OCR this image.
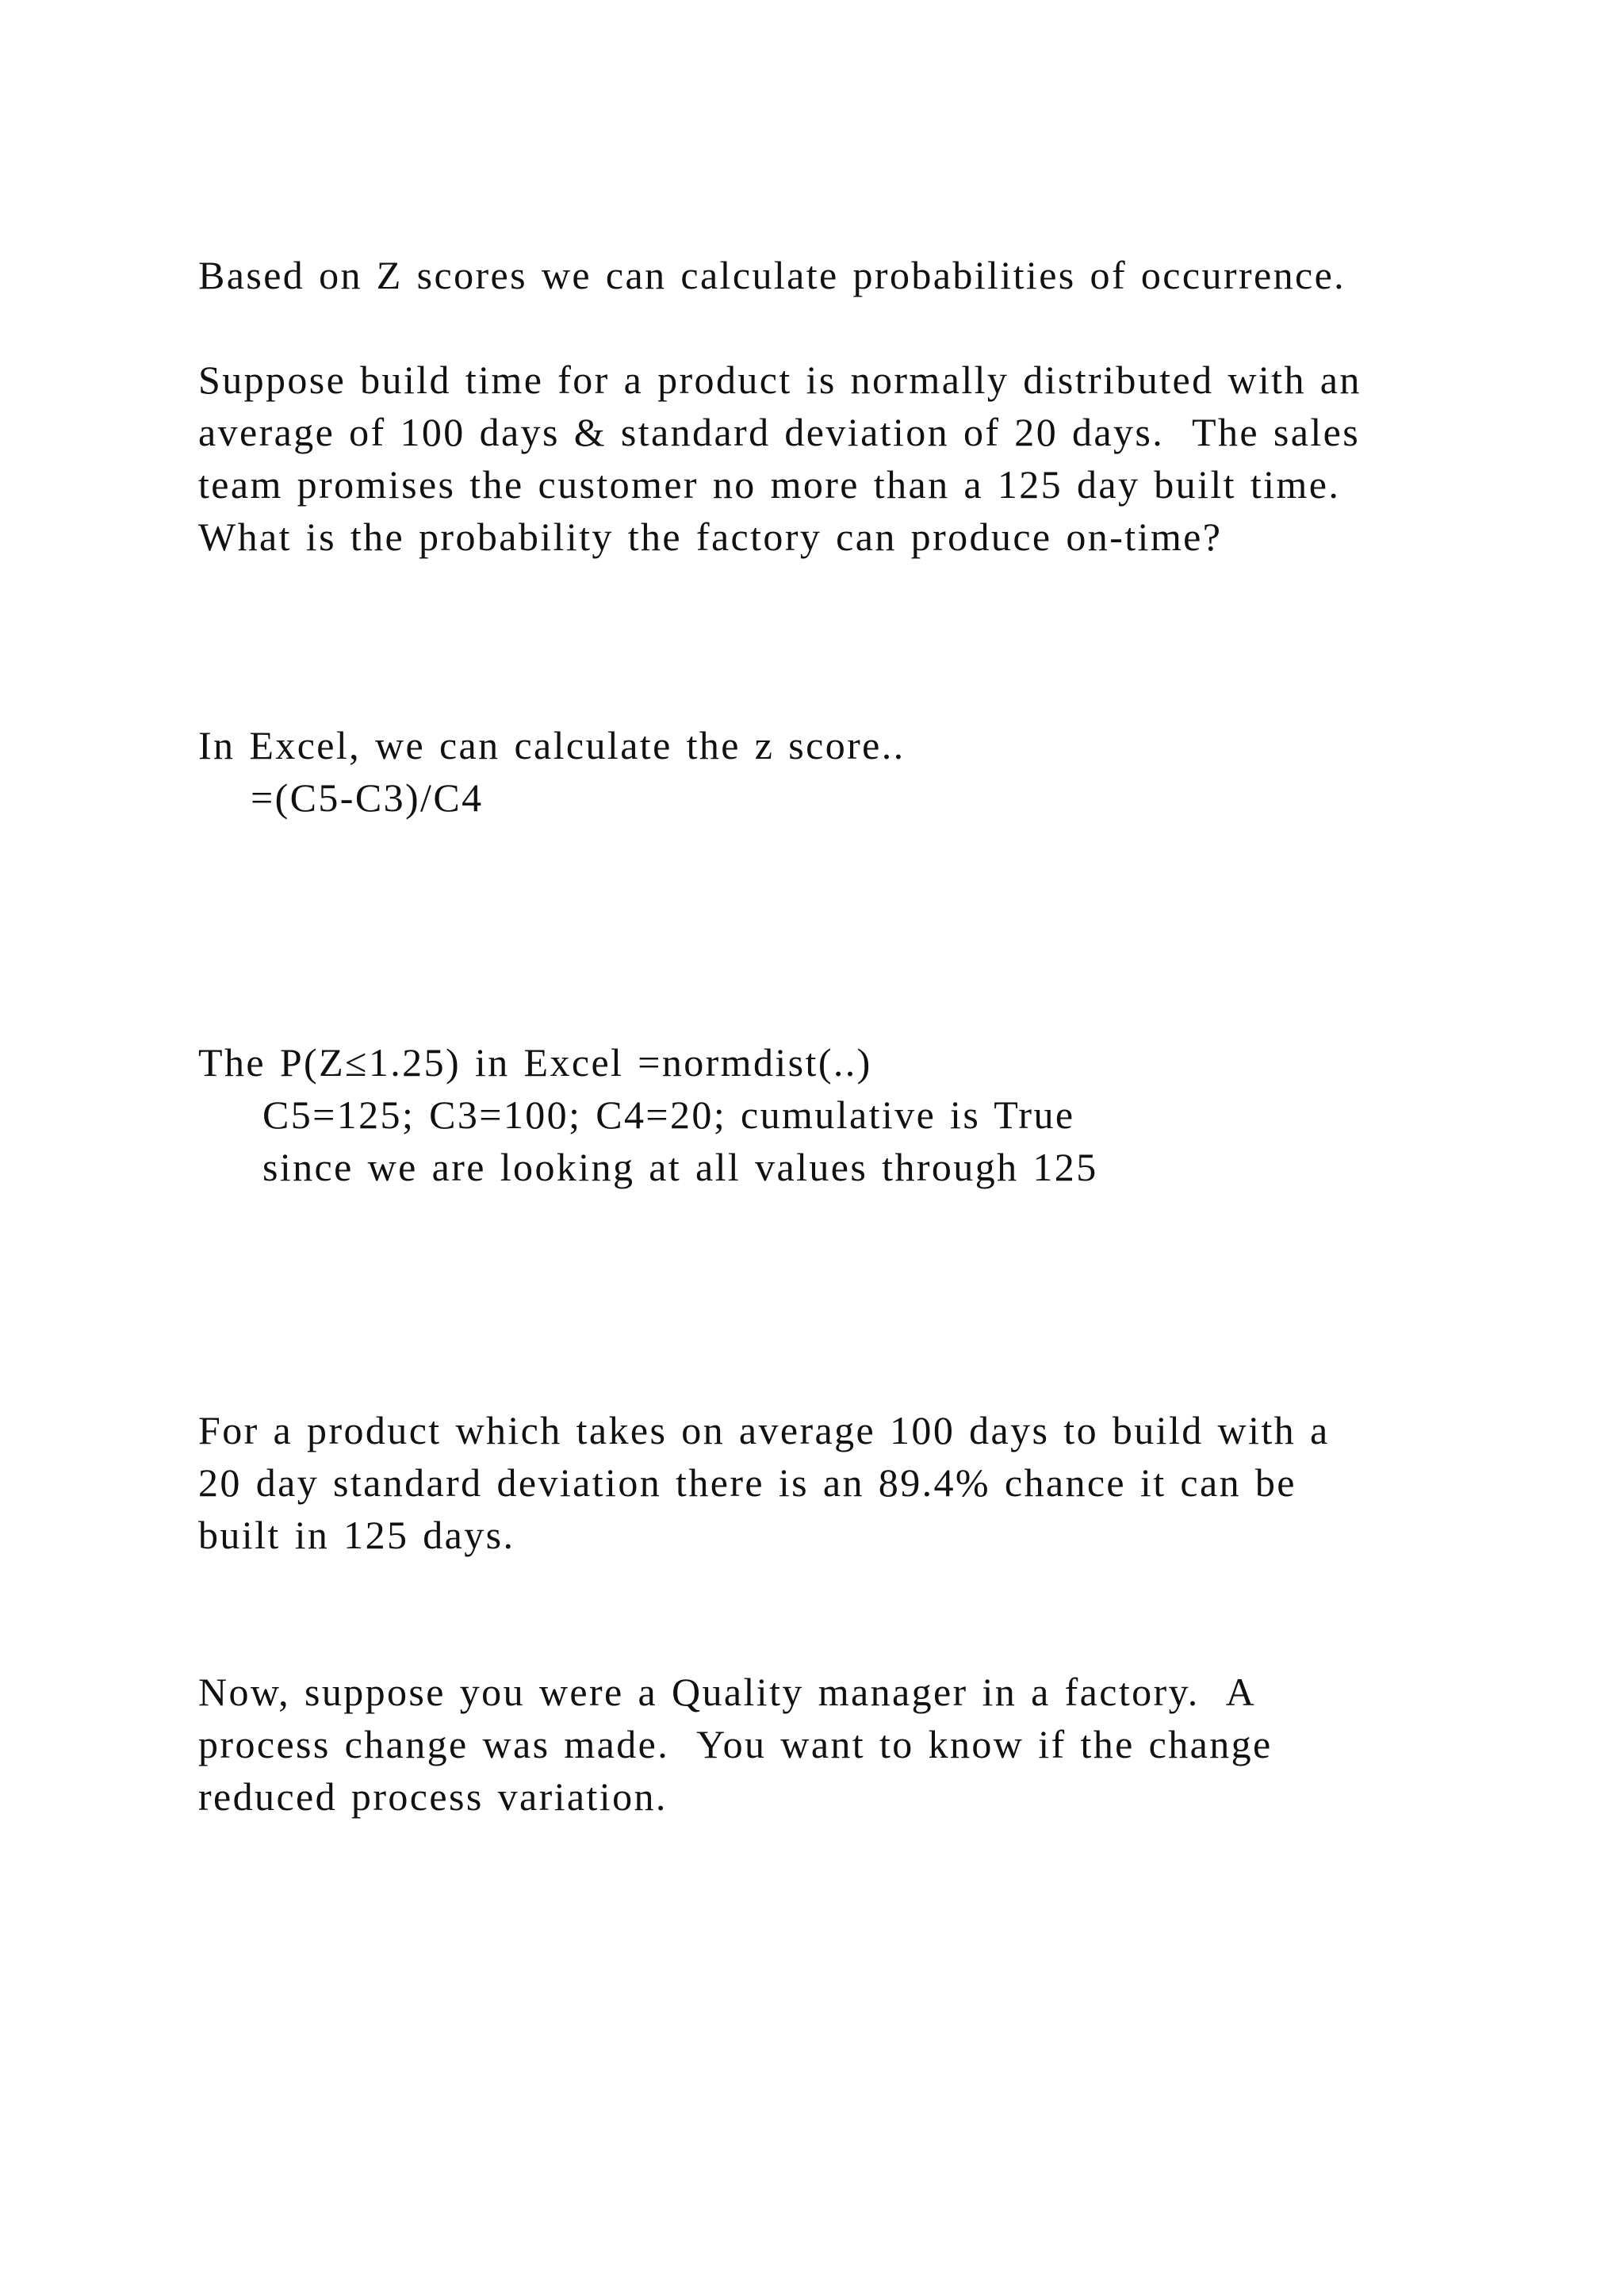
Based on Z scores we can calculate probabilities of occurrence.
Suppose build time for a product is normally distributed with an
average of 100 days & standard deviation of 20 days.  The sales
team promises the customer no more than a 125 day built time.
What is the probability the factory can produce on-time?
In Excel, we can calculate the z score..
=(C5-C3)/C4
The P(Z≤1.25) in Excel =normdist(..)
C5=125; C3=100; C4=20; cumulative is True
since we are looking at all values through 125
For a product which takes on average 100 days to build with a
20 day standard deviation there is an 89.4% chance it can be
built in 125 days.
Now, suppose you were a Quality manager in a factory.  A
process change was made.  You want to know if the change
reduced process variation.
